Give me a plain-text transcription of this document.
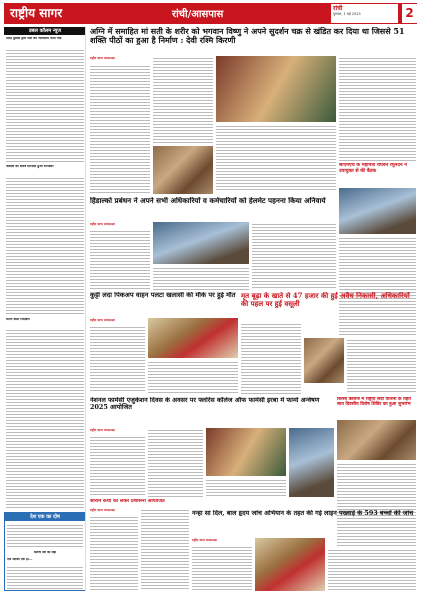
राष्ट्रीय सागर	रांची/आसपास
रांची
गुरुवार, 1 मई 2025	2
डबल कॉलम न्यूज
दरिद्र पुलिस द्वारा जेल कर न्यायालय भेजा गया
अशोक की शराब माफिया हुआ गिरफ्तार
घटना स्थल निरीक्षण
देश एक का दोष
कतार्थ देश को सही
एक व्यक्ति एक ही...
अग्नि में समाहित मां सती के शरीर को भगवान विष्णु ने अपने सुदर्शन चक्र से खंडित कर दिया था जिससे 51 शक्ति पीठों का हुआ है निर्माण : देवी रश्मि किरणी
राष्ट्रीय सागर संवाददाता
सीएमएच के महामंत्री राघवन रघुनंदन ने उपायुक्त से की बैठक
हिंडाल्को प्रबंधन ने अपने सभी अधिकारियों व कर्मचारियों को हेलमेट पहनना किया अनिवार्य
राष्ट्रीय सागर संवाददाता
कुट्टी लदा पिकअप वाहन पलटा खलासी की मौके पर हुई मौत
राष्ट्रीय सागर संवाददाता
मृत बूढ़ा के खाते से 47 हजार की हुई अवैध निकासी, अधिकारियों की पहल पर हुई वसूली
नेशनल फार्मेसी एजुकेशन दिवस के अवसर पर फ्लोरेंस कॉलेज ऑफ फार्मेसी इरबा में फार्मा अन्वेषण 2025 आयोजित
राष्ट्रीय सागर संवाददाता
बिरसा कॉलेज में राष्ट्रीय सेवा योजना के तहत सात दिवसीय विशेष शिविर का हुआ शुभारंभ
श्रीराम कथा को लेकर प्रशासनी आयोजित
राष्ट्रीय सागर संवाददाता	नन्हा सा दिल, बाल हृदय जांच अभियान के तहत की गई लाइन पख्वाड़े के 593 बच्चों की जांच
राष्ट्रीय सागर संवाददाता
